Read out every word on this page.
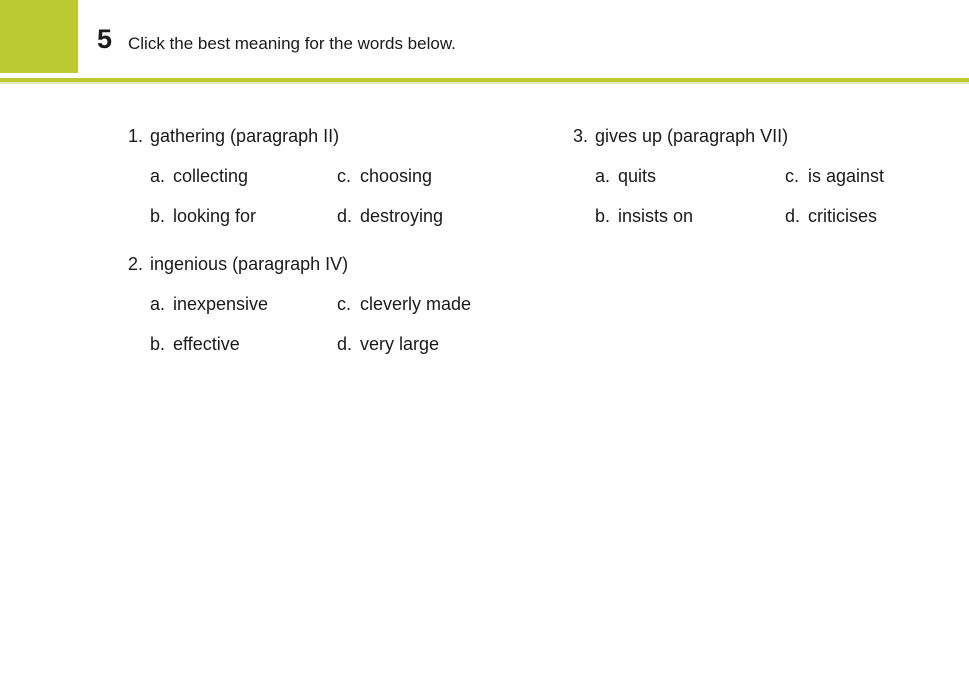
5 Click the best meaning for the words below.
1. gathering (paragraph II)
a. collecting
b. looking for
c. choosing
d. destroying
2. ingenious (paragraph IV)
a. inexpensive
b. effective
c. cleverly made
d. very large
3. gives up (paragraph VII)
a. quits
b. insists on
c. is against
d. criticises
